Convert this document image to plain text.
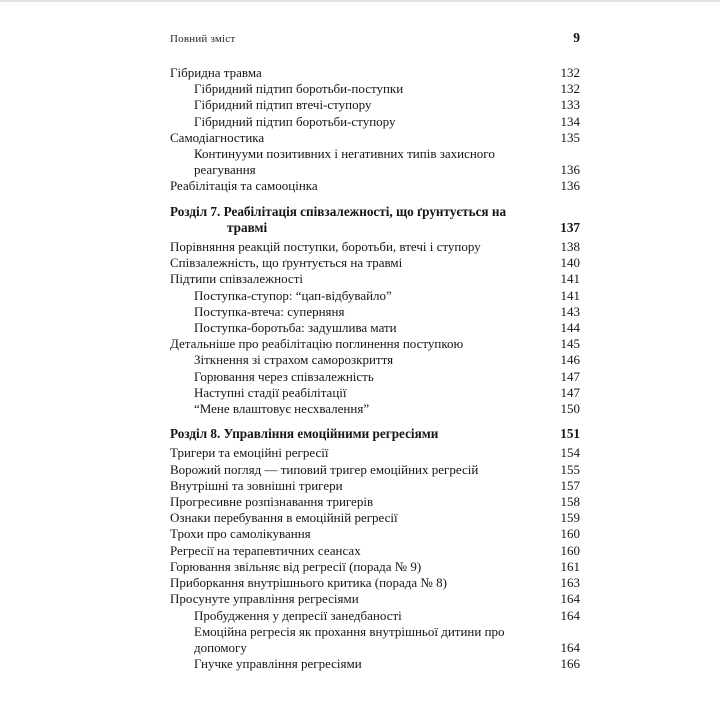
Повний зміст	9
Гібридна травма	132
Гібридний підтип боротьби-поступки	132
Гібридний підтип втечі-ступору	133
Гібридний підтип боротьби-ступору	134
Самодіагностика	135
Континууми позитивних і негативних типів захисного реагування	136
Реабілітація та самооцінка	136
Розділ 7. Реабілітація співзалежності, що ґрунтується на травмі	137
Порівняння реакцій поступки, боротьби, втечі і ступору	138
Співзалежність, що ґрунтується на травмі	140
Підтипи співзалежності	141
Поступка-ступор: “цап-відбувайло”	141
Поступка-втеча: суперняня	143
Поступка-боротьба: задушлива мати	144
Детальніше про реабілітацію поглинення поступкою	145
Зіткнення зі страхом саморозкриття	146
Горювання через співзалежність	147
Наступні стадії реабілітації	147
“Мене влаштовує несхвалення”	150
Розділ 8. Управління емоційними регресіями	151
Тригери та емоційні регресії	154
Ворожий погляд — типовий тригер емоційних регресій	155
Внутрішні та зовнішні тригери	157
Прогресивне розпізнавання тригерів	158
Ознаки перебування в емоційній регресії	159
Трохи про самолікування	160
Регресії на терапевтичних сеансах	160
Горювання звільняє від регресії (порада № 9)	161
Приборкання внутрішнього критика (порада № 8)	163
Просунуте управління регресіями	164
Пробудження у депресії занедбаності	164
Емоційна регресія як прохання внутрішньої дитини про допомогу	164
Гнучке управління регресіями	166
